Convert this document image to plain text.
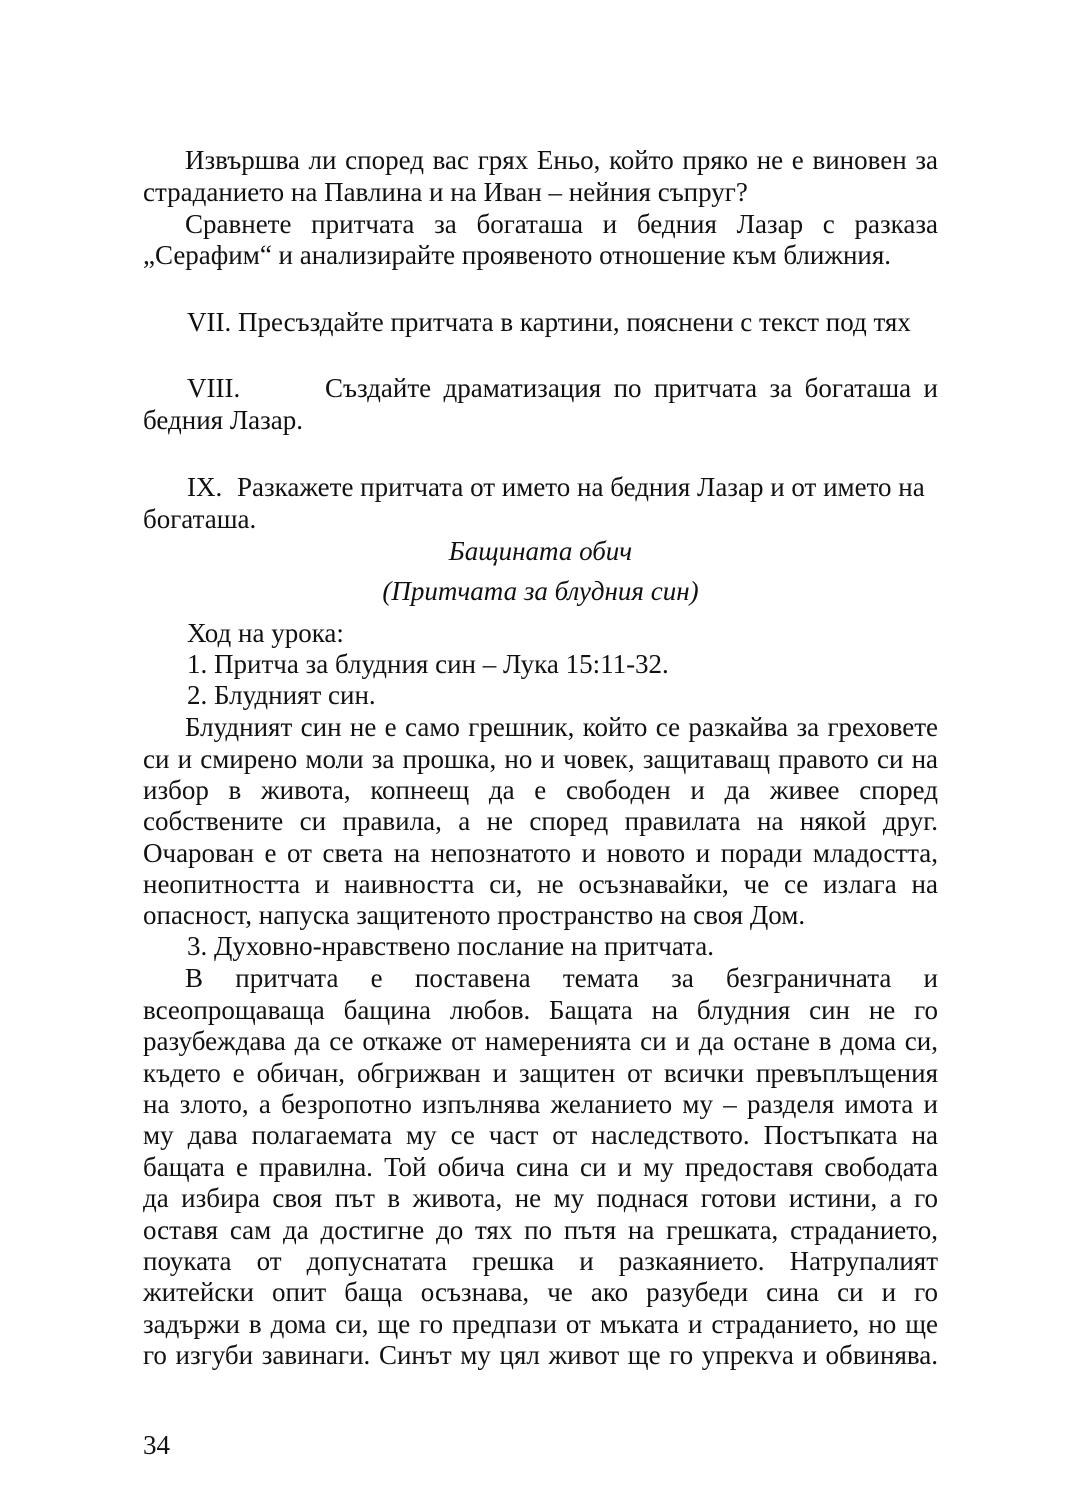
Извършва ли според вас грях Еньо, който пряко не е виновен за
страданието на Павлина и на Иван – нейния съпруг?
Сравнете притчата за богаташа и бедния Лазар с разказа
„Серафим“ и анализирайте проявеното отношение към ближния.
VII. Пресъздайте притчата в картини, пояснени с текст под тях
VIII.	Създайте драматизация по притчата за богаташа и
бедния Лазар.
IX. Разкажете притчата от името на бедния Лазар и от името на
богаташа.
Бащината обич
(Притчата за блудния син)
Ход на урока:
1. Притча за блудния син – Лука 15:11-32.
2. Блудният син.
Блудният син не е само грешник, който се разкайва за греховете
си и смирено моли за прошка, но и човек, защитаващ правото си на
избор в живота, копнеещ да е свободен и да живее според
собствените си правила, а не според правилата на някой друг.
Очарован е от света на непознатото и новото и поради младостта,
неопитността и наивността си, не осъзнавайки, че се излага на
опасност, напуска защитеното пространство на своя Дом.
3. Духовно-нравствено послание на притчата.
В притчата е поставена темата за безграничната и
всеопрощаваща бащина любов. Бащата на блудния син не го
разубеждава да се откаже от намеренията си и да остане в дома си,
където е обичан, обгрижван и защитен от всички превъплъщения
на злото, а безропотно изпълнява желанието му – разделя имота и
му дава полагаемата му се част от наследството. Постъпката на
бащата е правилна. Той обича сина си и му предоставя свободата
да избира своя път в живота, не му поднася готови истини, а го
оставя сам да достигне до тях по пътя на грешката, страданието,
поуката от допуснатата грешка и разкаянието. Натрупалият
житейски опит баща осъзнава, че ако разубеди сина си и го
задържи в дома си, ще го предпази от мъката и страданието, но ще
го изгуби завинаги. Синът му цял живот ще го упрекva и обвинява.
34
